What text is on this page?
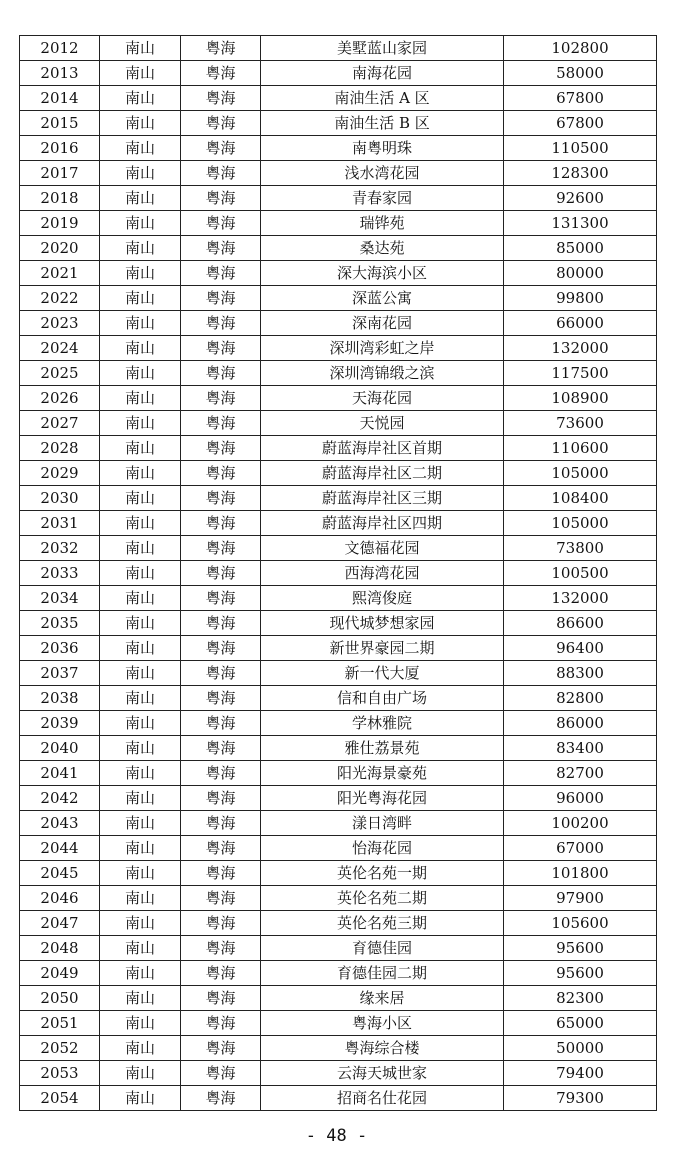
2012	南山	粤海	美墅蓝山家园	102800
2013	南山	粤海	南海花园	58000
2014	南山	粤海	南油生活 A 区	67800
2015	南山	粤海	南油生活 B 区	67800
2016	南山	粤海	南粤明珠	110500
2017	南山	粤海	浅水湾花园	128300
2018	南山	粤海	青春家园	92600
2019	南山	粤海	瑞铧苑	131300
2020	南山	粤海	桑达苑	85000
2021	南山	粤海	深大海滨小区	80000
2022	南山	粤海	深蓝公寓	99800
2023	南山	粤海	深南花园	66000
2024	南山	粤海	深圳湾彩虹之岸	132000
2025	南山	粤海	深圳湾锦缎之滨	117500
2026	南山	粤海	天海花园	108900
2027	南山	粤海	天悦园	73600
2028	南山	粤海	蔚蓝海岸社区首期	110600
2029	南山	粤海	蔚蓝海岸社区二期	105000
2030	南山	粤海	蔚蓝海岸社区三期	108400
2031	南山	粤海	蔚蓝海岸社区四期	105000
2032	南山	粤海	文德福花园	73800
2033	南山	粤海	西海湾花园	100500
2034	南山	粤海	熙湾俊庭	132000
2035	南山	粤海	现代城梦想家园	86600
2036	南山	粤海	新世界豪园二期	96400
2037	南山	粤海	新一代大厦	88300
2038	南山	粤海	信和自由广场	82800
2039	南山	粤海	学林雅院	86000
2040	南山	粤海	雅仕荔景苑	83400
2041	南山	粤海	阳光海景豪苑	82700
2042	南山	粤海	阳光粤海花园	96000
2043	南山	粤海	漾日湾畔	100200
2044	南山	粤海	怡海花园	67000
2045	南山	粤海	英伦名苑一期	101800
2046	南山	粤海	英伦名苑二期	97900
2047	南山	粤海	英伦名苑三期	105600
2048	南山	粤海	育德佳园	95600
2049	南山	粤海	育德佳园二期	95600
2050	南山	粤海	缘来居	82300
2051	南山	粤海	粤海小区	65000
2052	南山	粤海	粤海综合楼	50000
2053	南山	粤海	云海天城世家	79400
2054	南山	粤海	招商名仕花园	79300
- 48 -
